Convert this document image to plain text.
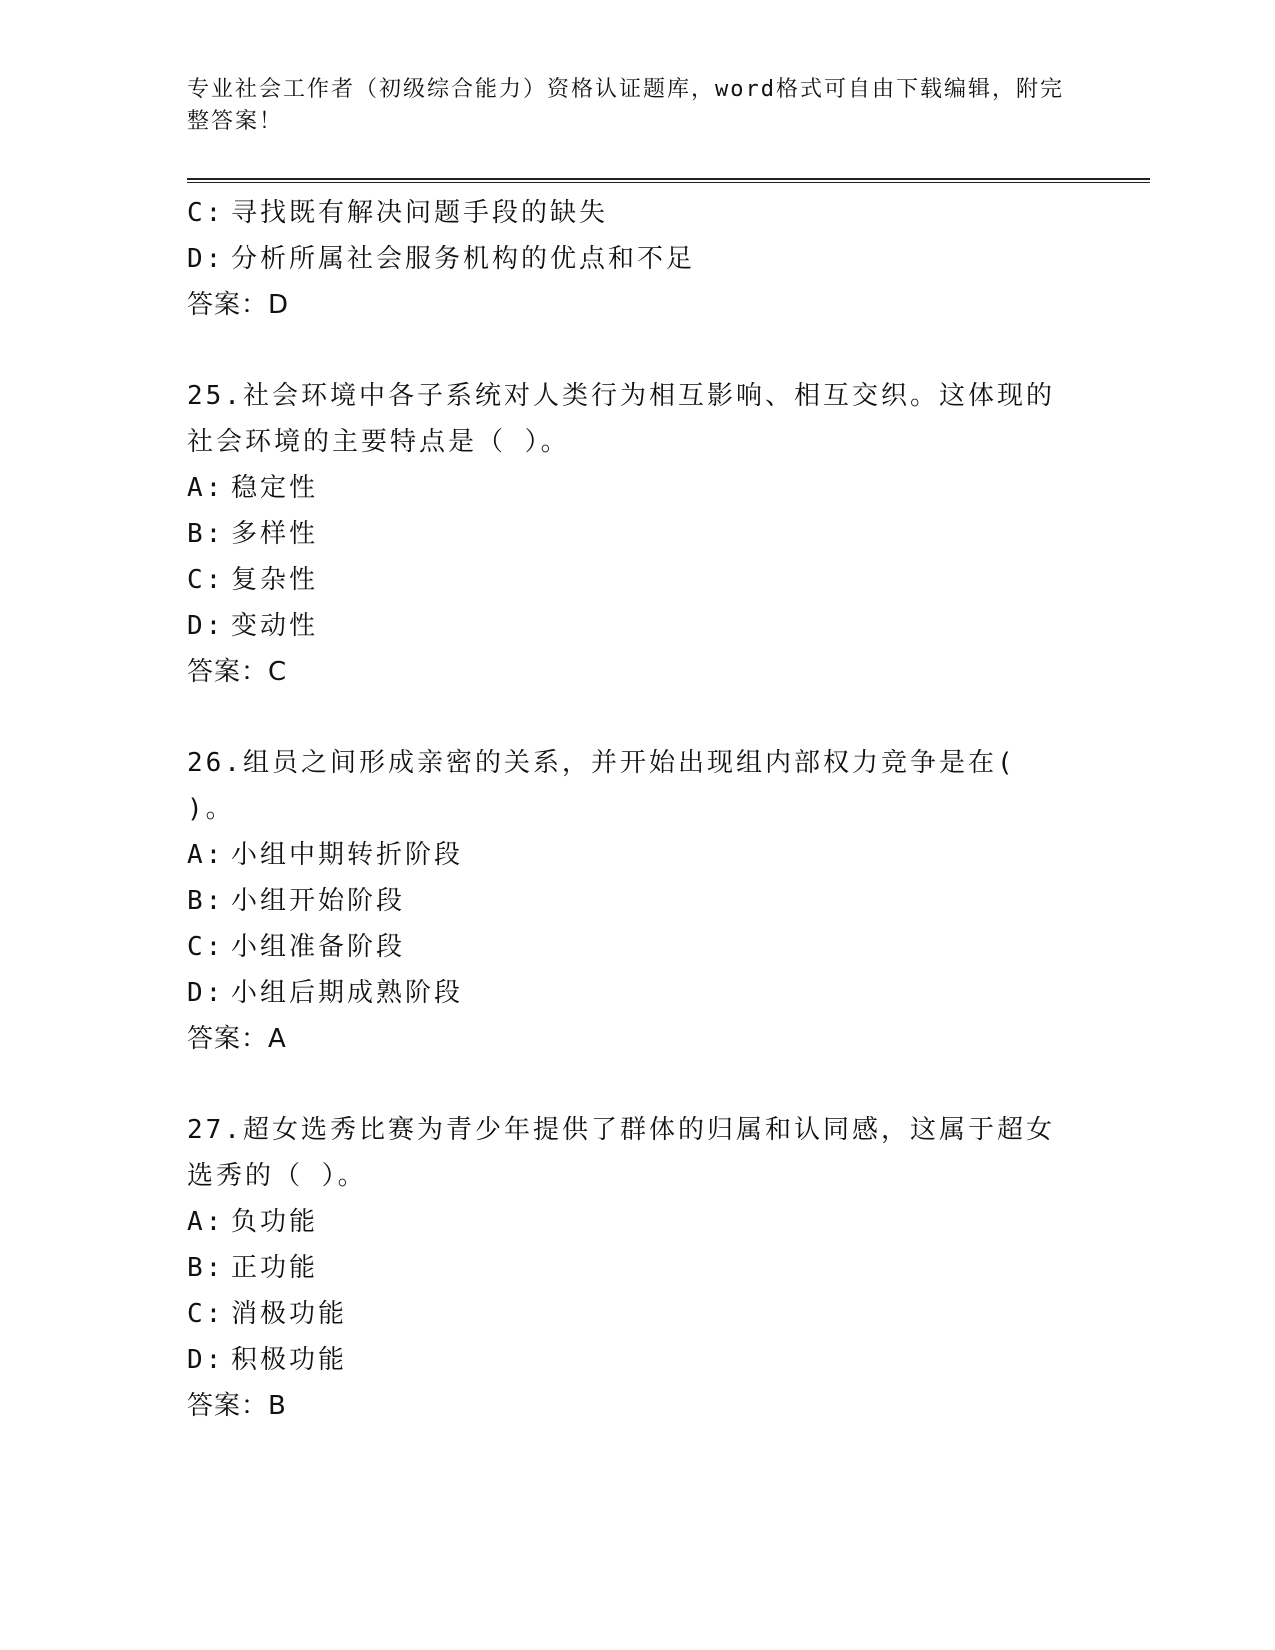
专业社会工作者（初级综合能力）资格认证题库，word格式可自由下载编辑，附完整答案！
C: 寻找既有解决问题手段的缺失
D: 分析所属社会服务机构的优点和不足
答案：D
25.社会环境中各子系统对人类行为相互影响、相互交织。这体现的社会环境的主要特点是（ ）。
A: 稳定性
B: 多样性
C: 复杂性
D: 变动性
答案：C
26.组员之间形成亲密的关系，并开始出现组内部权力竞争是在( )。
A: 小组中期转折阶段
B: 小组开始阶段
C: 小组准备阶段
D: 小组后期成熟阶段
答案：A
27.超女选秀比赛为青少年提供了群体的归属和认同感，这属于超女选秀的（ ）。
A: 负功能
B: 正功能
C: 消极功能
D: 积极功能
答案：B
